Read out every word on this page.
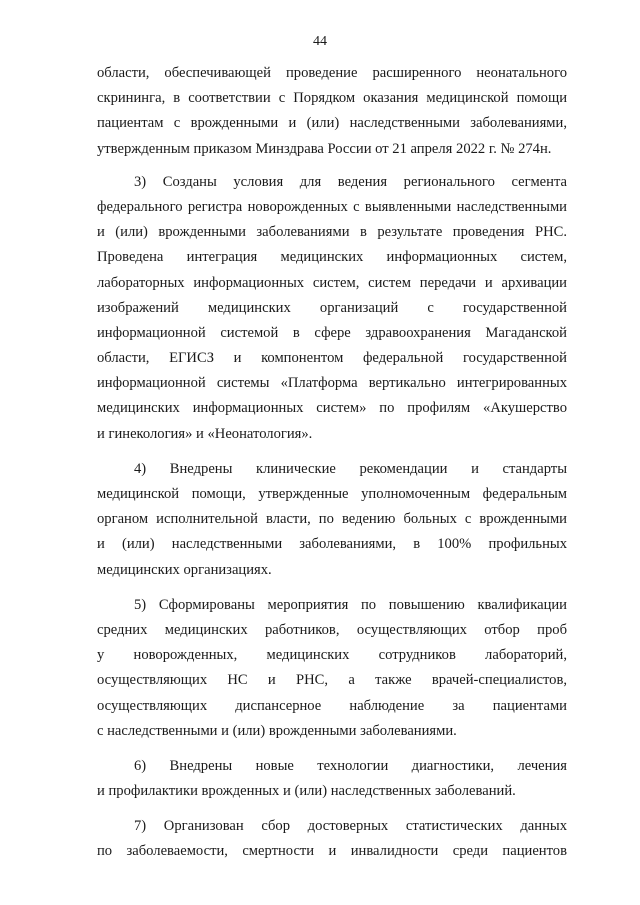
44

области, обеспечивающей проведение расширенного неонатального
скрининга, в соответствии с Порядком оказания медицинской помощи
пациентам с врожденными и (или) наследственными заболеваниями,
утвержденным приказом Минздрава России от 21 апреля 2022 г. № 274н.

3) Созданы условия для ведения регионального сегмента
федерального регистра новорожденных с выявленными наследственными
и (или) врожденными заболеваниями в результате проведения РНС.
Проведена интеграция медицинских информационных систем,
лабораторных информационных систем, систем передачи и архивации
изображений медицинских организаций с государственной
информационной системой в сфере здравоохранения Магаданской
области, ЕГИСЗ и компонентом федеральной государственной
информационной системы «Платформа вертикально интегрированных
медицинских информационных систем» по профилям «Акушерство
и гинекология» и «Неонатология».

4) Внедрены клинические рекомендации и стандарты
медицинской помощи, утвержденные уполномоченным федеральным
органом исполнительной власти, по ведению больных с врожденными
и (или) наследственными заболеваниями, в 100% профильных
медицинских организациях.

5) Сформированы мероприятия по повышению квалификации
средних медицинских работников, осуществляющих отбор проб
у новорожденных, медицинских сотрудников лабораторий,
осуществляющих НС и РНС, а также врачей-специалистов,
осуществляющих диспансерное наблюдение за пациентами
с наследственными и (или) врожденными заболеваниями.

6) Внедрены новые технологии диагностики, лечения
и профилактики врожденных и (или) наследственных заболеваний.

7) Организован сбор достоверных статистических данных
по заболеваемости, смертности и инвалидности среди пациентов
